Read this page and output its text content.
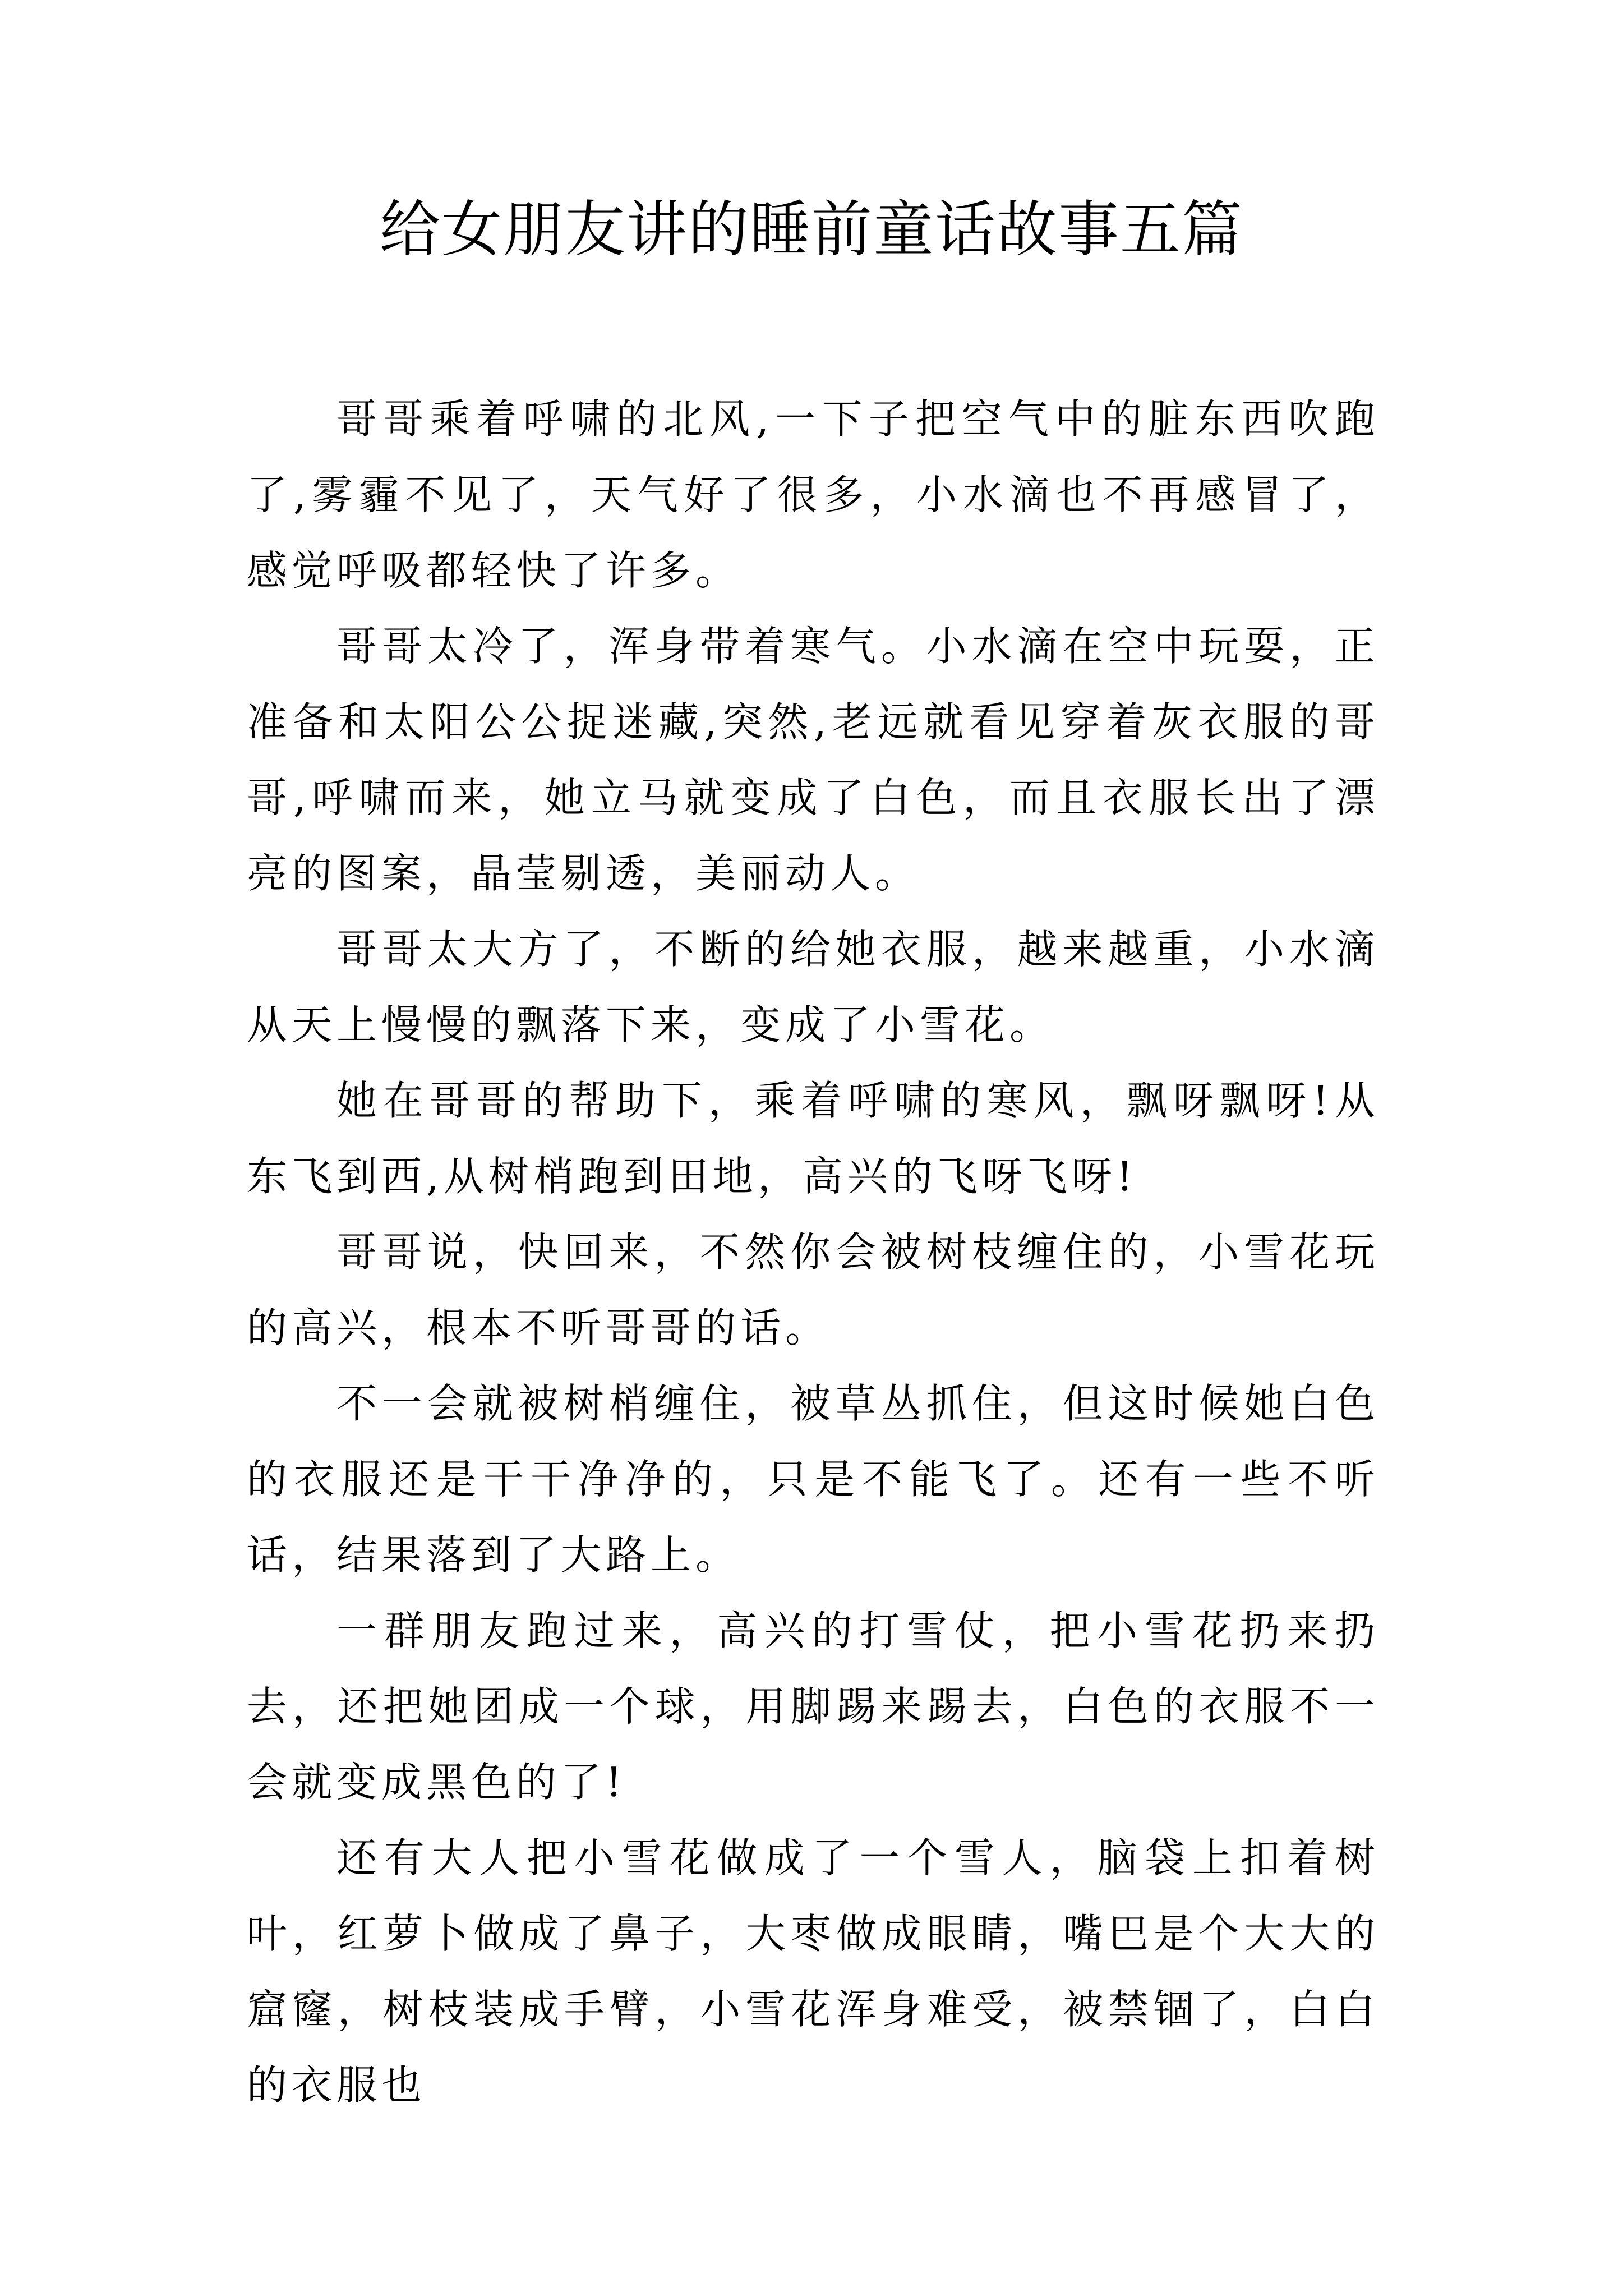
给女朋友讲的睡前童话故事五篇

哥哥乘着呼啸的北风,一下子把空气中的脏东西吹跑了,雾霾不见了，天气好了很多，小水滴也不再感冒了，感觉呼吸都轻快了许多。

哥哥太冷了，浑身带着寒气。小水滴在空中玩耍，正准备和太阳公公捉迷藏,突然,老远就看见穿着灰衣服的哥哥,呼啸而来，她立马就变成了白色，而且衣服长出了漂亮的图案，晶莹剔透，美丽动人。

哥哥太大方了，不断的给她衣服，越来越重，小水滴从天上慢慢的飘落下来，变成了小雪花。

她在哥哥的帮助下，乘着呼啸的寒风，飘呀飘呀!从东飞到西,从树梢跑到田地，高兴的飞呀飞呀!

哥哥说，快回来，不然你会被树枝缠住的，小雪花玩的高兴，根本不听哥哥的话。

不一会就被树梢缠住，被草丛抓住，但这时候她白色的衣服还是干干净净的，只是不能飞了。还有一些不听话，结果落到了大路上。

一群朋友跑过来，高兴的打雪仗，把小雪花扔来扔去，还把她团成一个球，用脚踢来踢去，白色的衣服不一会就变成黑色的了!

还有大人把小雪花做成了一个雪人，脑袋上扣着树叶，红萝卜做成了鼻子，大枣做成眼睛，嘴巴是个大大的窟窿，树枝装成手臂，小雪花浑身难受，被禁锢了，白白的衣服也
